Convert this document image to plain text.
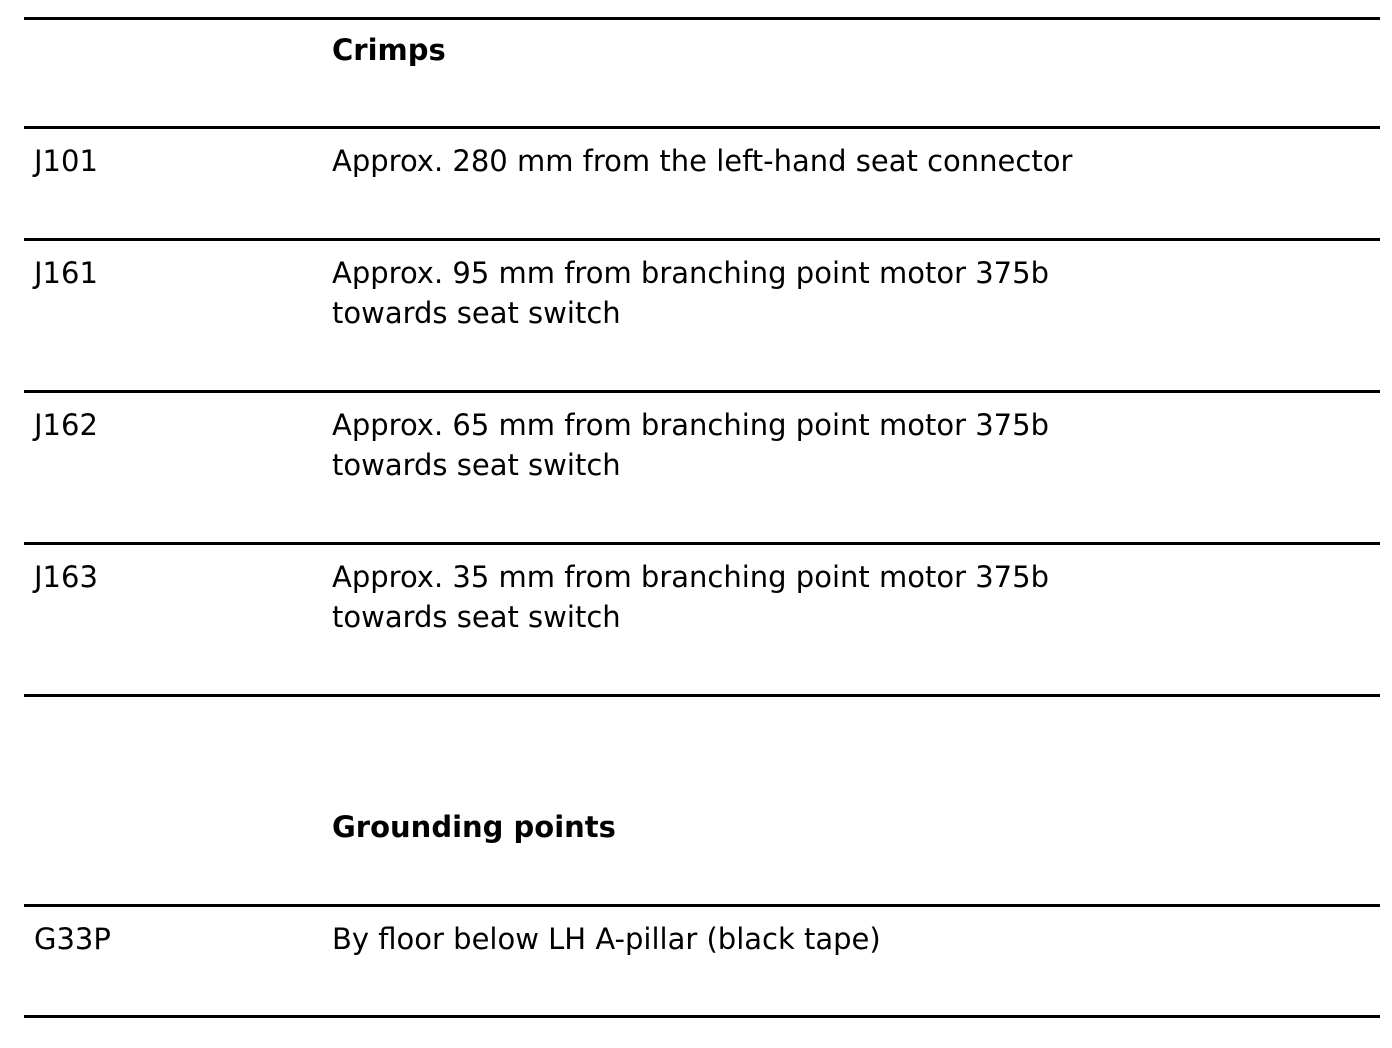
Crimps
J101	Approx. 280 mm from the left-hand seat connector
J161	Approx. 95 mm from branching point motor 375b
towards seat switch
J162	Approx. 65 mm from branching point motor 375b
towards seat switch
J163	Approx. 35 mm from branching point motor 375b
towards seat switch
Grounding points
G33P	By floor below LH A-pillar (black tape)
